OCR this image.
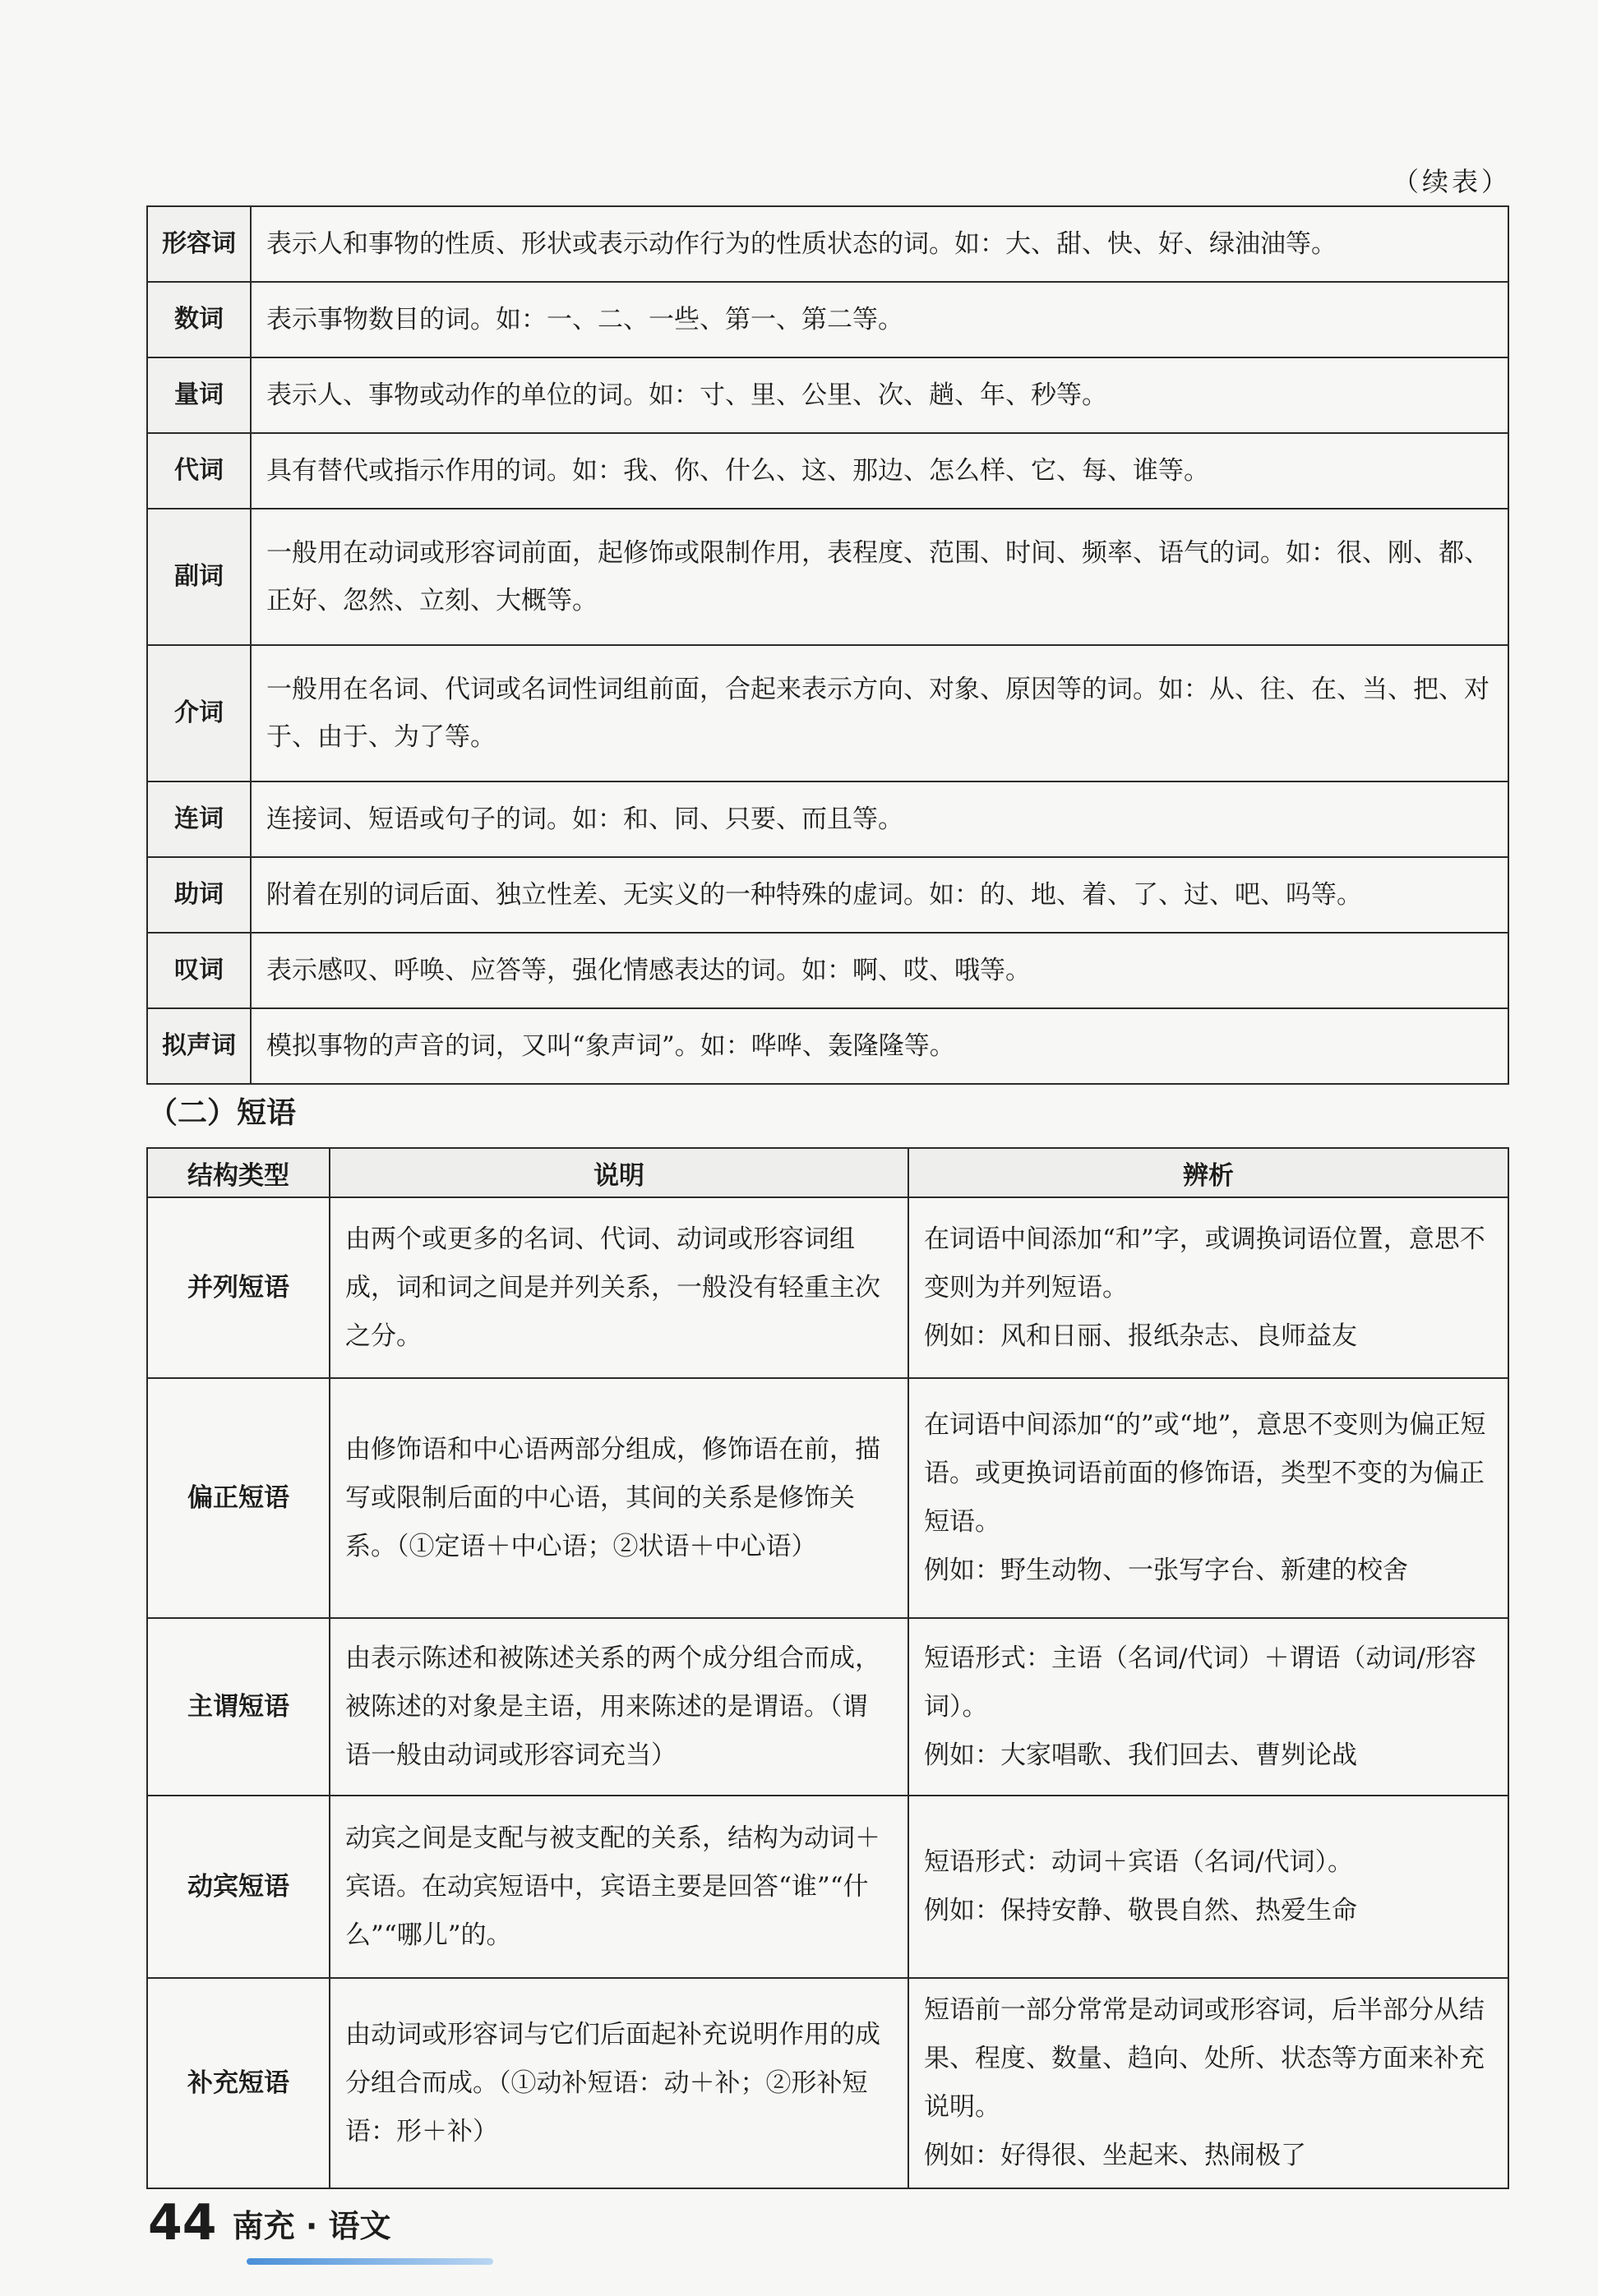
（续表）
形容词	表示人和事物的性质、形状或表示动作行为的性质状态的词。如：大、甜、快、好、绿油油等。
数词	表示事物数目的词。如：一、二、一些、第一、第二等。
量词	表示人、事物或动作的单位的词。如：寸、里、公里、次、趟、年、秒等。
代词	具有替代或指示作用的词。如：我、你、什么、这、那边、怎么样、它、每、谁等。
副词	一般用在动词或形容词前面，起修饰或限制作用，表程度、范围、时间、频率、语气的词。如：很、刚、都、正好、忽然、立刻、大概等。
介词	一般用在名词、代词或名词性词组前面，合起来表示方向、对象、原因等的词。如：从、往、在、当、把、对于、由于、为了等。
连词	连接词、短语或句子的词。如：和、同、只要、而且等。
助词	附着在别的词后面、独立性差、无实义的一种特殊的虚词。如：的、地、着、了、过、吧、吗等。
叹词	表示感叹、呼唤、应答等，强化情感表达的词。如：啊、哎、哦等。
拟声词	模拟事物的声音的词，又叫“象声词”。如：哗哗、轰隆隆等。
（二）短语
结构类型	说明	辨析
并列短语	由两个或更多的名词、代词、动词或形容词组成，词和词之间是并列关系，一般没有轻重主次之分。	在词语中间添加“和”字，或调换词语位置，意思不变则为并列短语。
例如：风和日丽、报纸杂志、良师益友

偏正短语	由修饰语和中心语两部分组成，修饰语在前，描写或限制后面的中心语，其间的关系是修饰关系。（①定语＋中心语；②状语＋中心语）	在词语中间添加“的”或“地”，意思不变则为偏正短语。或更换词语前面的修饰语，类型不变的为偏正短语。
例如：野生动物、一张写字台、新建的校舍

主谓短语	由表示陈述和被陈述关系的两个成分组合而成，被陈述的对象是主语，用来陈述的是谓语。（谓语一般由动词或形容词充当）	短语形式：主语（名词/代词）＋谓语（动词/形容词）。
例如：大家唱歌、我们回去、曹刿论战

动宾短语	动宾之间是支配与被支配的关系，结构为动词＋宾语。在动宾短语中，宾语主要是回答“谁”“什么”“哪儿”的。	短语形式：动词＋宾语（名词/代词）。
例如：保持安静、敬畏自然、热爱生命

补充短语	由动词或形容词与它们后面起补充说明作用的成分组合而成。（①动补短语：动＋补；②形补短语：形＋补）	短语前一部分常常是动词或形容词，后半部分从结果、程度、数量、趋向、处所、状态等方面来补充说明。
例如：好得很、坐起来、热闹极了
44 南充 · 语文
